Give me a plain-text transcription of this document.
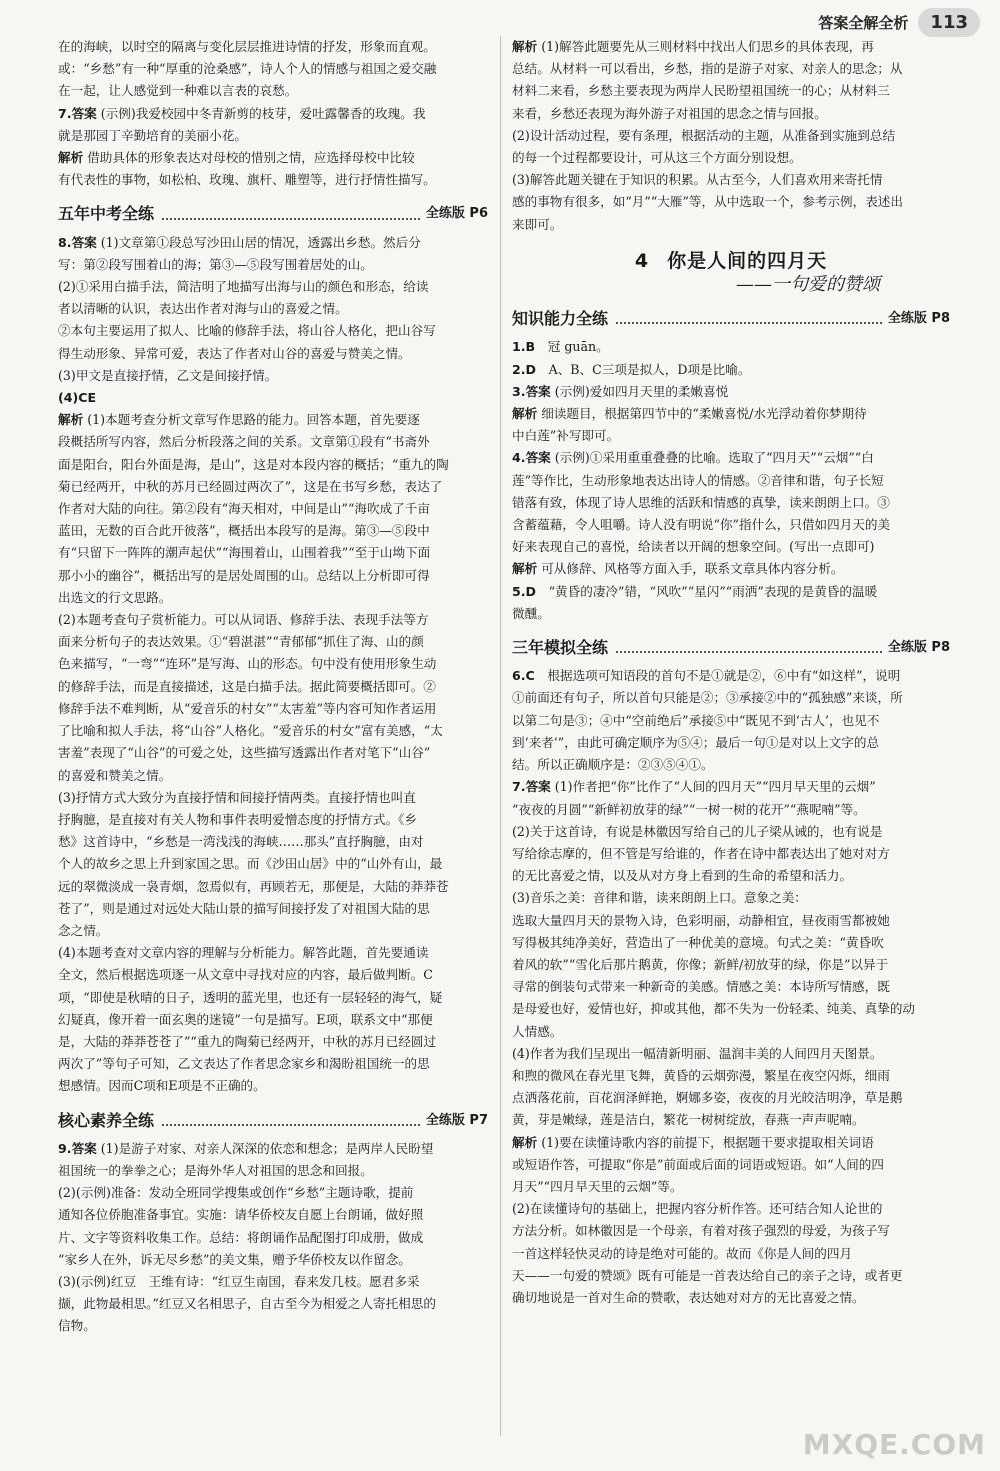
答案全解全析	113

在的海峡，以时空的隔离与变化层层推进诗情的抒发，形象而直观。

或：“乡愁”有一种“厚重的沧桑感”，诗人个人的情感与祖国之爱交融

在一起，让人感觉到一种难以言表的哀愁。

7.答案 (示例)我爱校园中冬青新剪的枝芽，爱吐露馨香的玫瑰。我

就是那园丁辛勤培育的美丽小花。

解析 借助具体的形象表达对母校的惜别之情，应选择母校中比较

有代表性的事物，如松柏、玫瑰、旗杆、雕塑等，进行抒情性描写。

五年中考全练	全练版 P6

8.答案 (1)文章第①段总写沙田山居的情况，透露出乡愁。然后分

写：第②段写围着山的海；第③—⑤段写围着居处的山。

(2)①采用白描手法，简洁明了地描写出海与山的颜色和形态，给读

者以清晰的认识，表达出作者对海与山的喜爱之情。

②本句主要运用了拟人、比喻的修辞手法，将山谷人格化，把山谷写

得生动形象、异常可爱，表达了作者对山谷的喜爱与赞美之情。

(3)甲文是直接抒情，乙文是间接抒情。

(4)CE

解析 (1)本题考查分析文章写作思路的能力。回答本题，首先要逐

段概括所写内容，然后分析段落之间的关系。文章第①段有“书斋外

面是阳台，阳台外面是海，是山”，这是对本段内容的概括；“重九的陶

菊已经两开，中秋的苏月已经圆过两次了”，这是在书写乡愁，表达了

作者对大陆的向往。第②段有“海天相对，中间是山”“海吹成了千亩

蓝田，无数的百合此开彼落”，概括出本段写的是海。第③—⑤段中

有“只留下一阵阵的潮声起伏”“海围着山，山围着我”“至于山坳下面

那小小的幽谷”，概括出写的是居处周围的山。总结以上分析即可得

出选文的行文思路。

(2)本题考查句子赏析能力。可以从词语、修辞手法、表现手法等方

面来分析句子的表达效果。①“碧湛湛”“青郁郁”抓住了海、山的颜

色来描写，“一弯”“连环”是写海、山的形态。句中没有使用形象生动

的修辞手法，而是直接描述，这是白描手法。据此简要概括即可。②

修辞手法不难判断，从“爱音乐的村女”“太害羞”等内容可知作者运用

了比喻和拟人手法，将“山谷”人格化。“爱音乐的村女”富有美感，“太

害羞”表现了“山谷”的可爱之处，这些描写透露出作者对笔下“山谷”

的喜爱和赞美之情。

(3)抒情方式大致分为直接抒情和间接抒情两类。直接抒情也叫直

抒胸臆，是直接对有关人物和事件表明爱憎态度的抒情方式。《乡

愁》这首诗中，“乡愁是一湾浅浅的海峡……那头”直抒胸臆，由对

个人的故乡之思上升到家国之思。而《沙田山居》中的“山外有山，最

远的翠微淡成一袅青烟，忽焉似有，再顾若无，那便是，大陆的莽莽苍

苍了”，则是通过对远处大陆山景的描写间接抒发了对祖国大陆的思

念之情。

(4)本题考查对文章内容的理解与分析能力。解答此题，首先要通读

全文，然后根据选项逐一从文章中寻找对应的内容，最后做判断。C

项，“即使是秋晴的日子，透明的蓝光里，也还有一层轻轻的海气，疑

幻疑真，像开着一面玄奥的迷镜”一句是描写。E项，联系文中“那便

是，大陆的莽莽苍苍了”“重九的陶菊已经两开，中秋的苏月已经圆过

两次了”等句子可知，乙文表达了作者思念家乡和渴盼祖国统一的思

想感情。因而C项和E项是不正确的。

核心素养全练	全练版 P7

9.答案 (1)是游子对家、对亲人深深的依恋和想念；是两岸人民盼望

祖国统一的拳拳之心；是海外华人对祖国的思念和回报。

(2)(示例)准备：发动全班同学搜集或创作“乡愁”主题诗歌，提前

通知各位侨胞准备事宜。实施：请华侨校友自愿上台朗诵，做好照

片、文字等资料收集工作。总结：将朗诵作品配图打印成册，做成

“家乡人在外，诉无尽乡愁”的美文集，赠予华侨校友以作留念。

(3)(示例)红豆　王维有诗：“红豆生南国，春来发几枝。愿君多采

撷，此物最相思。”红豆又名相思子，自古至今为相爱之人寄托相思的

信物。

解析 (1)解答此题要先从三则材料中找出人们思乡的具体表现，再

总结。从材料一可以看出，乡愁，指的是游子对家、对亲人的思念；从

材料二来看，乡愁主要表现为两岸人民盼望祖国统一的心；从材料三

来看，乡愁还表现为海外游子对祖国的思念之情与回报。

(2)设计活动过程，要有条理，根据活动的主题，从准备到实施到总结

的每一个过程都要设计，可从这三个方面分别设想。

(3)解答此题关键在于知识的积累。从古至今，人们喜欢用来寄托情

感的事物有很多，如“月”“大雁”等，从中选取一个，参考示例，表述出

来即可。

4 你是人间的四月天
——一句爱的赞颂
知识能力全练	全练版 P8

1.B　 冠 guān。

2.D　 A、B、C三项是拟人，D项是比喻。

3.答案 (示例)爱如四月天里的柔嫩喜悦

解析 细读题目，根据第四节中的“柔嫩喜悦/水光浮动着你梦期待

中白莲”补写即可。

4.答案 (示例)①采用重重叠叠的比喻。选取了“四月天”“云烟”“白

莲”等作比，生动形象地表达出诗人的情感。②音律和谐，句子长短

错落有致，体现了诗人思维的活跃和情感的真挚，读来朗朗上口。③

含蓄蕴藉，令人咀嚼。诗人没有明说“你”指什么，只借如四月天的美

好来表现自己的喜悦，给读者以开阔的想象空间。(写出一点即可)

解析 可从修辞、风格等方面入手，联系文章具体内容分析。

5.D　 “黄昏的凄冷”错，“风吹”“星闪”“雨洒”表现的是黄昏的温暖

微醺。

三年模拟全练	全练版 P8

6.C　 根据选项可知语段的首句不是①就是②，⑥中有“如这样”，说明

①前面还有句子，所以首句只能是②；③承接②中的“孤独感”来谈，所

以第二句是③；④中“空前绝后”承接⑤中“既见不到‘古人’，也见不

到‘来者’”，由此可确定顺序为⑤④；最后一句①是对以上文字的总

结。所以正确顺序是：②③⑤④①。

7.答案 (1)作者把“你”比作了“人间的四月天”“四月早天里的云烟”

“夜夜的月圆”“新鲜初放芽的绿”“一树一树的花开”“燕呢喃”等。

(2)关于这首诗，有说是林徽因写给自己的儿子梁从诫的，也有说是

写给徐志摩的，但不管是写给谁的，作者在诗中都表达出了她对对方

的无比喜爱之情，以及从对方身上看到的生命的希望和活力。

(3)音乐之美：音律和谐，读来朗朗上口。意象之美：

选取大量四月天的景物入诗，色彩明丽，动静相宜，昼夜雨雪都被她

写得极其纯净美好，营造出了一种优美的意境。句式之美：“黄昏吹

着风的软”“雪化后那片鹅黄，你像；新鲜/初放芽的绿，你是”以异于

寻常的倒装句式带来一种新奇的美感。情感之美：本诗所写情感，既

是母爱也好，爱情也好，抑或其他，都不失为一份轻柔、纯美、真挚的动

人情感。

(4)作者为我们呈现出一幅清新明丽、温润丰美的人间四月天图景。

和煦的微风在春光里飞舞，黄昏的云烟弥漫，繁星在夜空闪烁，细雨

点洒落花前，百花润泽鲜艳，婀娜多姿，夜夜的月光皎洁明净，草是鹅

黄，芽是嫩绿，莲是洁白，繁花一树树绽放，春燕一声声呢喃。

解析 (1)要在读懂诗歌内容的前提下，根据题干要求提取相关词语

或短语作答，可提取“你是”前面或后面的词语或短语。如“人间的四

月天”“四月早天里的云烟”等。

(2)在读懂诗句的基础上，把握内容分析作答。还可结合知人论世的

方法分析。如林徽因是一个母亲，有着对孩子强烈的母爱，为孩子写

一首这样轻快灵动的诗是绝对可能的。故而《你是人间的四月

天——一句爱的赞颂》既有可能是一首表达给自己的亲子之诗，或者更

确切地说是一首对生命的赞歌，表达她对对方的无比喜爱之情。

MXQE.COM
